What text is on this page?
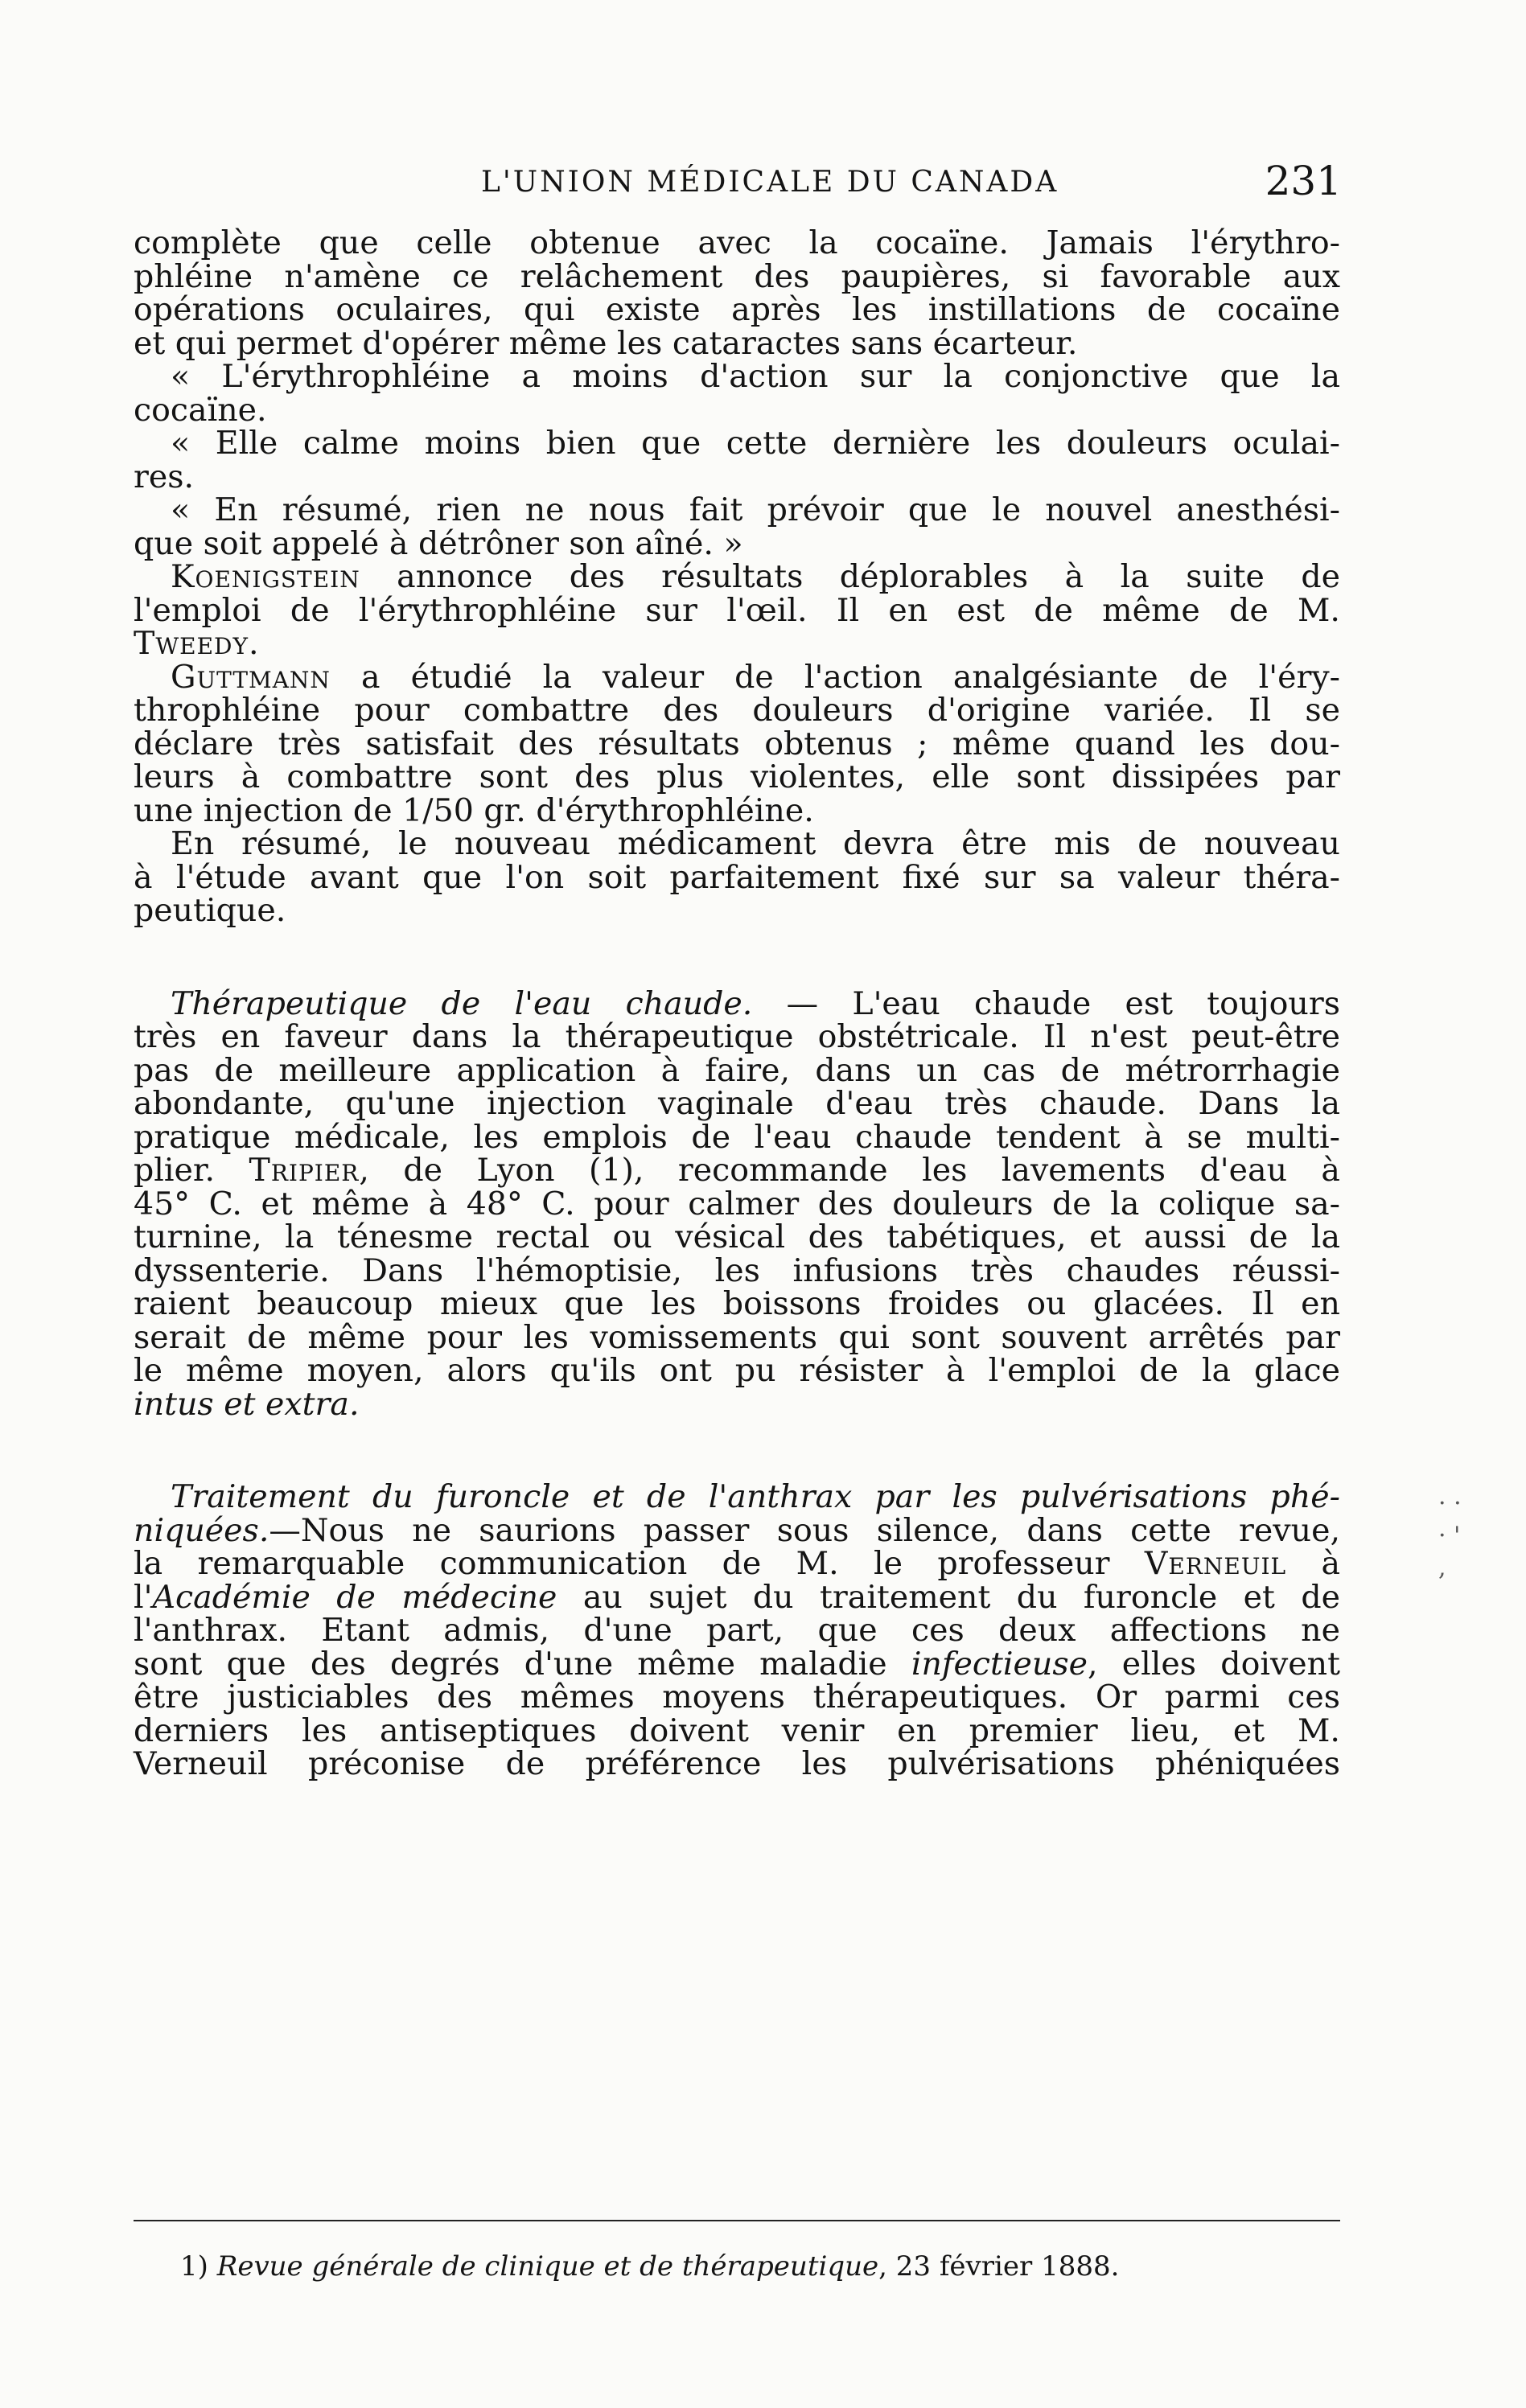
L'UNION MÉDICALE DU CANADA	231
complète que celle obtenue avec la cocaïne. Jamais l'érythro-
phléine n'amène ce relâchement des paupières, si favorable aux
opérations oculaires, qui existe après les instillations de cocaïne
et qui permet d'opérer même les cataractes sans écarteur.
« L'érythrophléine a moins d'action sur la conjonctive que la
cocaïne.
« Elle calme moins bien que cette dernière les douleurs oculai-
res.
« En résumé, rien ne nous fait prévoir que le nouvel anesthési-
que soit appelé à détrôner son aîné. »
Koenigstein annonce des résultats déplorables à la suite de
l'emploi de l'érythrophléine sur l'œil. Il en est de même de M.
Tweedy.
Guttmann a étudié la valeur de l'action analgésiante de l'éry-
throphléine pour combattre des douleurs d'origine variée. Il se
déclare très satisfait des résultats obtenus ; même quand les dou-
leurs à combattre sont des plus violentes, elle sont dissipées par
une injection de 1/50 gr. d'érythrophléine.
En résumé, le nouveau médicament devra être mis de nouveau
à l'étude avant que l'on soit parfaitement fixé sur sa valeur théra-
peutique.
Thérapeutique de l'eau chaude. — L'eau chaude est toujours
très en faveur dans la thérapeutique obstétricale. Il n'est peut-être
pas de meilleure application à faire, dans un cas de métrorrhagie
abondante, qu'une injection vaginale d'eau très chaude. Dans la
pratique médicale, les emplois de l'eau chaude tendent à se multi-
plier. Tripier, de Lyon (1), recommande les lavements d'eau à
45° C. et même à 48° C. pour calmer des douleurs de la colique sa-
turnine, la ténesme rectal ou vésical des tabétiques, et aussi de la
dyssenterie. Dans l'hémoptisie, les infusions très chaudes réussi-
raient beaucoup mieux que les boissons froides ou glacées. Il en
serait de même pour les vomissements qui sont souvent arrêtés par
le même moyen, alors qu'ils ont pu résister à l'emploi de la glace
intus et extra.
Traitement du furoncle et de l'anthrax par les pulvérisations phé-
niquées.—Nous ne saurions passer sous silence, dans cette revue,
la remarquable communication de M. le professeur Verneuil à
l'Académie de médecine au sujet du traitement du furoncle et de
l'anthrax. Etant admis, d'une part, que ces deux affections ne
sont que des degrés d'une même maladie infectieuse, elles doivent
être justiciables des mêmes moyens thérapeutiques. Or parmi ces
derniers les antiseptiques doivent venir en premier lieu, et M.
Verneuil préconise de préférence les pulvérisations phéniquées
1) Revue générale de clinique et de thérapeutique, 23 février 1888.
· ·
· '
,
